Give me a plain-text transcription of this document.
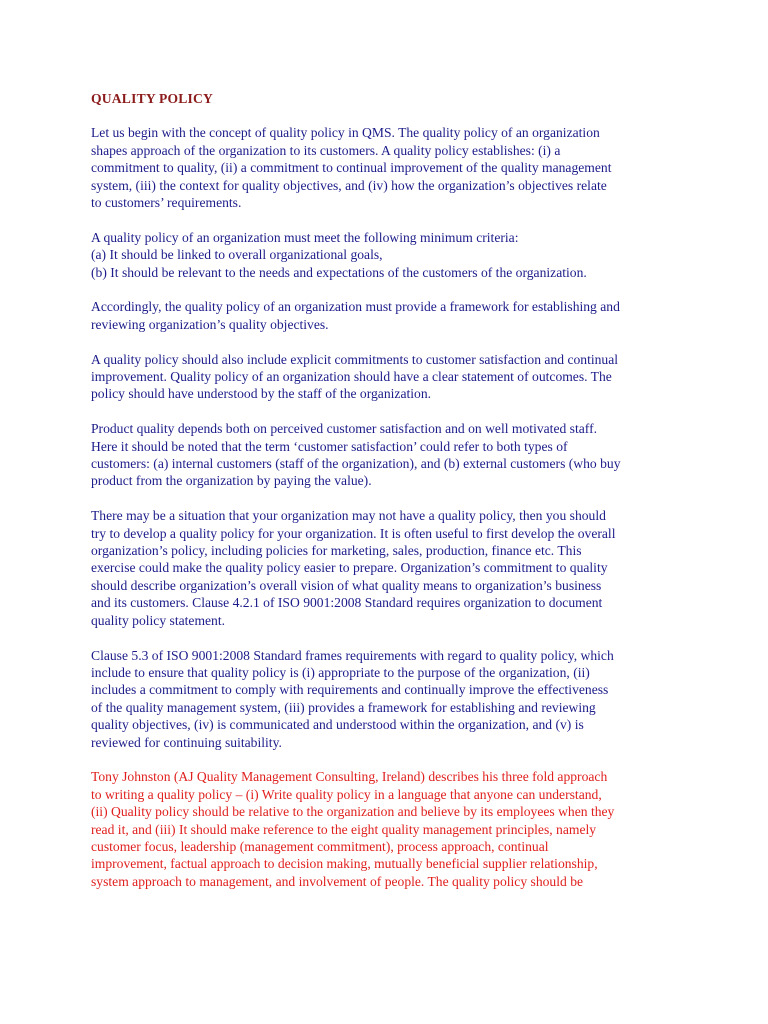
QUALITY POLICY

Let us begin with the concept of quality policy in QMS. The quality policy of an organization
shapes approach of the organization to its customers. A quality policy establishes: (i) a
commitment to quality, (ii) a commitment to continual improvement of the quality management
system, (iii) the context for quality objectives, and (iv) how the organization’s objectives relate
to customers’ requirements.

A quality policy of an organization must meet the following minimum criteria:
(a) It should be linked to overall organizational goals,
(b) It should be relevant to the needs and expectations of the customers of the organization.

Accordingly, the quality policy of an organization must provide a framework for establishing and
reviewing organization’s quality objectives.

A quality policy should also include explicit commitments to customer satisfaction and continual
improvement. Quality policy of an organization should have a clear statement of outcomes. The
policy should have understood by the staff of the organization.

Product quality depends both on perceived customer satisfaction and on well motivated staff.
Here it should be noted that the term ‘customer satisfaction’ could refer to both types of
customers: (a) internal customers (staff of the organization), and (b) external customers (who buy
product from the organization by paying the value).

There may be a situation that your organization may not have a quality policy, then you should
try to develop a quality policy for your organization. It is often useful to first develop the overall
organization’s policy, including policies for marketing, sales, production, finance etc. This
exercise could make the quality policy easier to prepare. Organization’s commitment to quality
should describe organization’s overall vision of what quality means to organization’s business
and its customers. Clause 4.2.1 of ISO 9001:2008 Standard requires organization to document
quality policy statement.

Clause 5.3 of ISO 9001:2008 Standard frames requirements with regard to quality policy, which
include to ensure that quality policy is (i) appropriate to the purpose of the organization, (ii)
includes a commitment to comply with requirements and continually improve the effectiveness
of the quality management system, (iii) provides a framework for establishing and reviewing
quality objectives, (iv) is communicated and understood within the organization, and (v) is
reviewed for continuing suitability.

Tony Johnston (AJ Quality Management Consulting, Ireland) describes his three fold approach
to writing a quality policy – (i) Write quality policy in a language that anyone can understand,
(ii) Quality policy should be relative to the organization and believe by its employees when they
read it, and (iii) It should make reference to the eight quality management principles, namely
customer focus, leadership (management commitment), process approach, continual
improvement, factual approach to decision making, mutually beneficial supplier relationship,
system approach to management, and involvement of people. The quality policy should be
